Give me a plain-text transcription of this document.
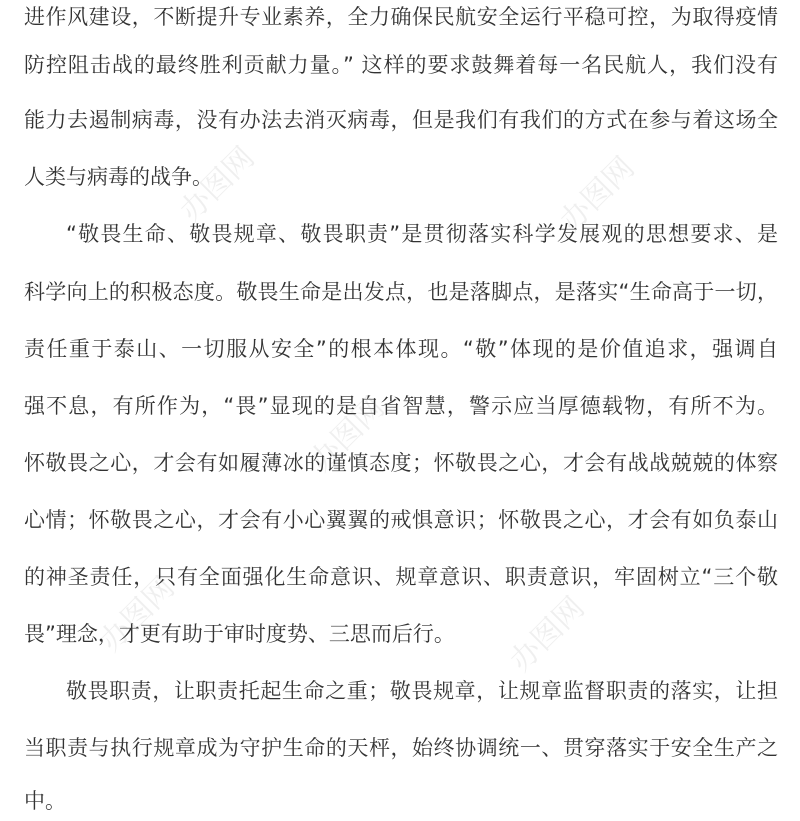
进作风建设，不断提升专业素养，全力确保民航安全运行平稳可控，为取得疫情
防控阻击战的最终胜利贡献力量。” 这样的要求鼓舞着每一名民航人，我们没有
能力去遏制病毒，没有办法去消灭病毒，但是我们有我们的方式在参与着这场全
人类与病毒的战争。
“敬畏生命、敬畏规章、敬畏职责”是贯彻落实科学发展观的思想要求、是
科学向上的积极态度。敬畏生命是出发点，也是落脚点，是落实“生命高于一切，
责任重于泰山、一切服从安全”的根本体现。“敬”体现的是价值追求，强调自
强不息，有所作为，“畏”显现的是自省智慧，警示应当厚德载物，有所不为。
怀敬畏之心，才会有如履薄冰的谨慎态度；怀敬畏之心，才会有战战兢兢的体察
心情；怀敬畏之心，才会有小心翼翼的戒惧意识；怀敬畏之心，才会有如负泰山
的神圣责任，只有全面强化生命意识、规章意识、职责意识，牢固树立“三个敬
畏”理念，才更有助于审时度势、三思而后行。
敬畏职责，让职责托起生命之重；敬畏规章，让规章监督职责的落实，让担
当职责与执行规章成为守护生命的天枰，始终协调统一、贯穿落实于安全生产之
中。
办图网	办图网
办图网
办图网	办图网
